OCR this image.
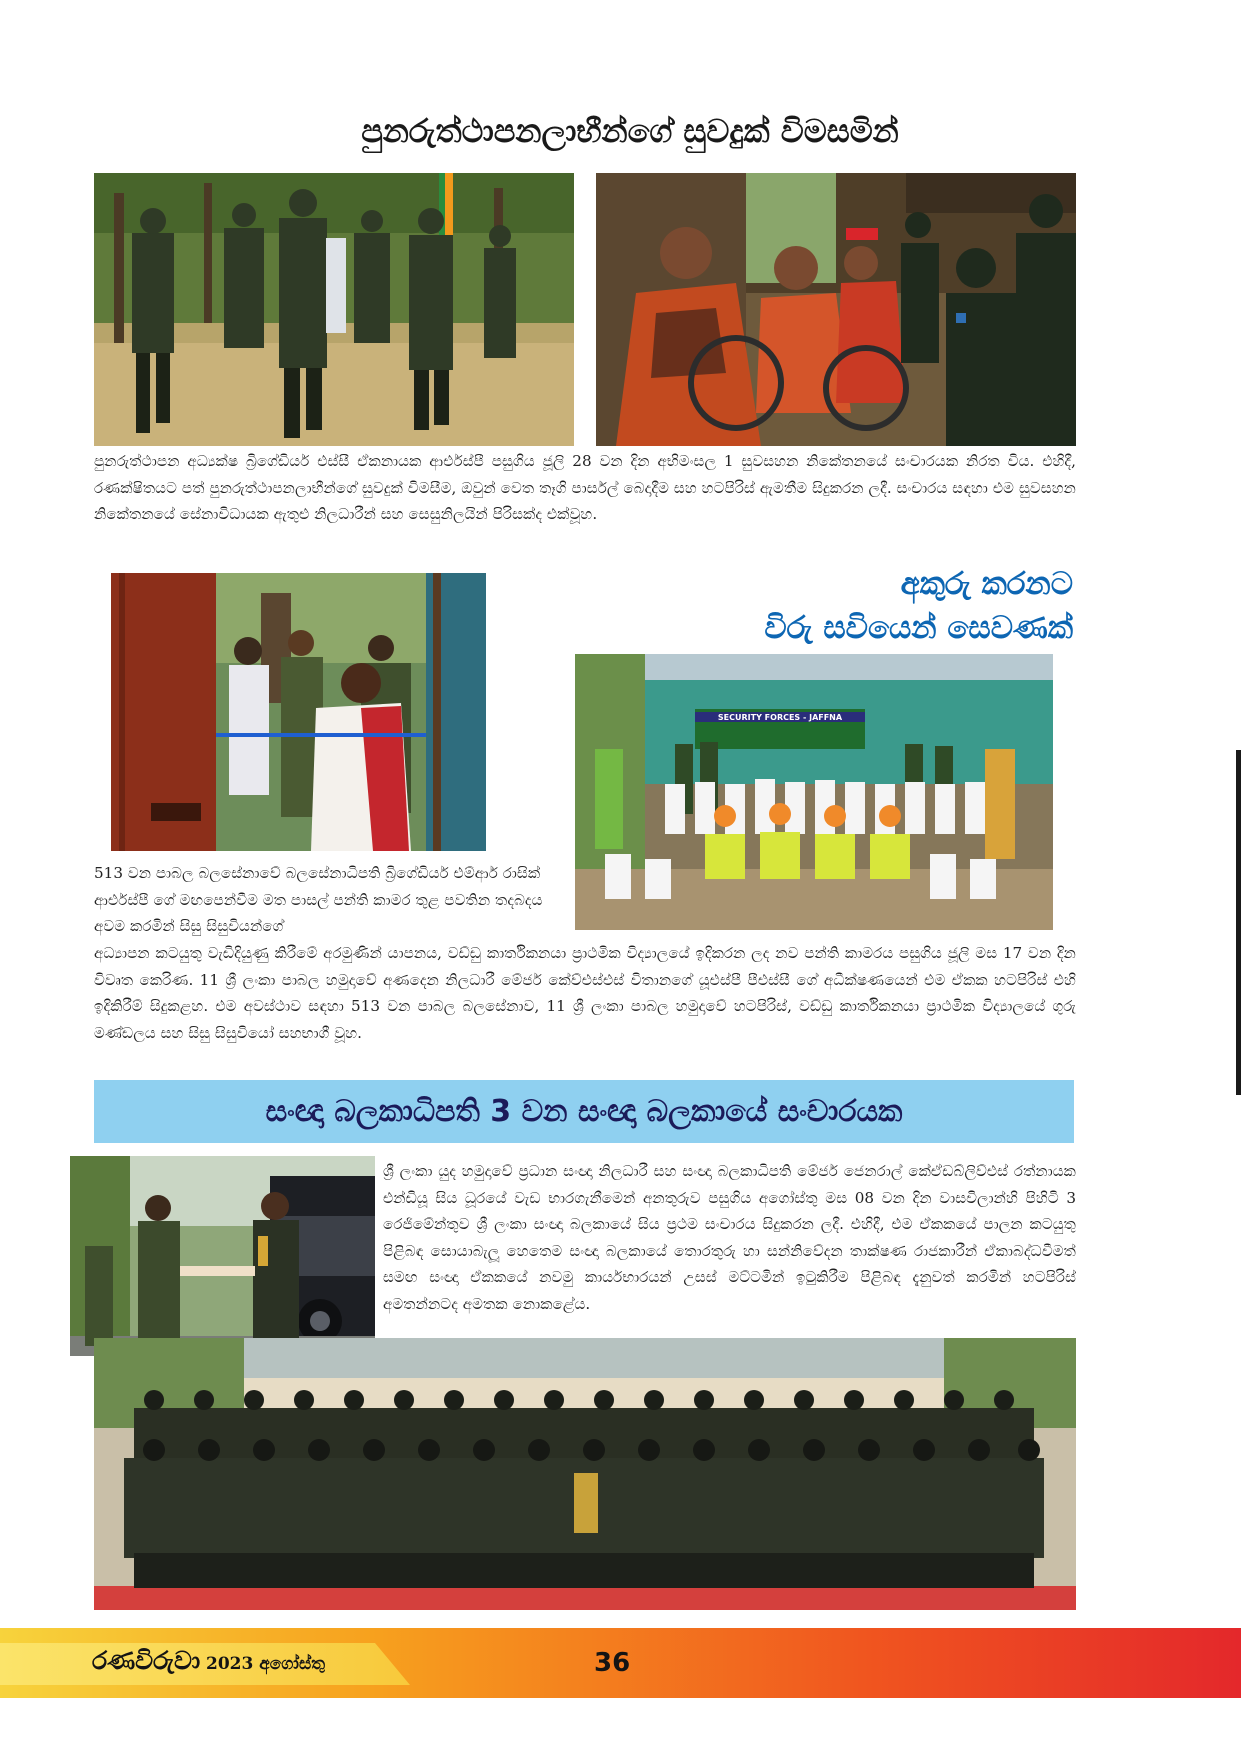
පුනරුත්ථාපනලාභීන්ගේ සුවදුක් විමසමින්

පුනරුත්ථාපන අධ්‍යක්ෂ බ්‍රිගේඩියර් එස්සී ඒකනායක ආර්එස්පී පසුගිය ජූලි 28 වන දින අභිමංසල 1 සුවසහන නිකේතනයේ සංචාරයක නිරත විය. එහිදී, රණක්ෂිතයට පත් පුනරුත්ථාපනලාභීන්ගේ සුවදුක් විමසීම, ඔවුන් වෙත තෑගි පාර්සල් බෙදාදීම සහ හටපිරිස් ඇමතීම සිදුකරන ලදී. සංචාරය සඳහා එම සුවසහන නිකේතනයේ සේනාවිධායක ඇතුළු නිලධාරීන් සහ සෙසුනිලයින් පිරිසක්ද එක්වූහ.

අකුරු කරනට
විරු සවියෙන් සෙවණක්
SECURITY FORCES - JAFFNA

513 වන පාබල බලසේනාවේ බලසේනාධිපති බ්‍රිගේඩියර් එම්ආර් රාසික් ආර්එස්පී ගේ මඟපෙන්වීම මත පාසල් පන්ති කාමර තුළ පවතින තදබදය අවම කරමින් සිසු සිසුවියන්ගේ

අධ්‍යාපන කටයුතු වැඩිදියුණු කිරීමේ අරමුණින් යාපනය, වඩ්ඩු කාර්තිකනයා ප්‍රාථමික විද්‍යාලයේ ඉදිකරන ලද නව පන්ති කාමරය පසුගිය ජූලි මස 17 වන දින විවෘත කෙරිණ. 11 ශ්‍රී ලංකා පාබල හමුදාවේ අණදෙන නිලධාරී මේජර් කේව්එස්එස් විතානගේ යූඑස්පී පීඑස්සී ගේ අධීක්ෂණයෙන් එම ඒකක හටපිරිස් එහි ඉදිකිරීම් සිදුකළහ. එම අවස්ථාව සඳහා 513 වන පාබල බලසේනාව, 11 ශ්‍රී ලංකා පාබල හමුදාවේ හටපිරිස්, වඩ්ඩු කාර්තිකනයා ප්‍රාථමික විද්‍යාලයේ ගුරු මණ්ඩලය සහ සිසු සිසුවියෝ සහභාගී වූහ.

සංඥා බලකාධිපති 3 වන සංඥා බලකායේ සංචාරයක

ශ්‍රී ලංකා යුද හමුදාවේ ප්‍රධාන සංඥා නිලධාරී සහ සංඥා බලකාධිපති මේජර් ජෙනරාල් කේඒඩබ්ලිව්එස් රත්නායක එන්ඩියූ සිය ධූරයේ වැඩ භාරගැනීමෙන් අනතුරුව පසුගිය අගෝස්තු මස 08 වන දින වාසවිලාන්හි පිහිටි 3 රෙජිමේන්තුව ශ්‍රී ලංකා සංඥා බලකායේ සිය ප්‍රථම සංචාරය සිදුකරන ලදී. එහිදී, එම ඒකකයේ පාලන කටයුතු පිළිබඳ සොයාබැලූ හෙතෙම සංඥා බලකායේ තොරතුරු හා සන්නිවේදන තාක්ෂණ රාජකාරීන් ඒකාබද්ධවීමත් සමඟ සංඥා ඒකකයේ නවමු කාර්යභාරයන් උසස් මට්ටමින් ඉටුකිරීම පිළිබඳ දැනුවත් කරමින් හටපිරිස් අමතන්නටද අමතක නොකළේය.

රණවිරුවා 2023 අගෝස්තු	36
